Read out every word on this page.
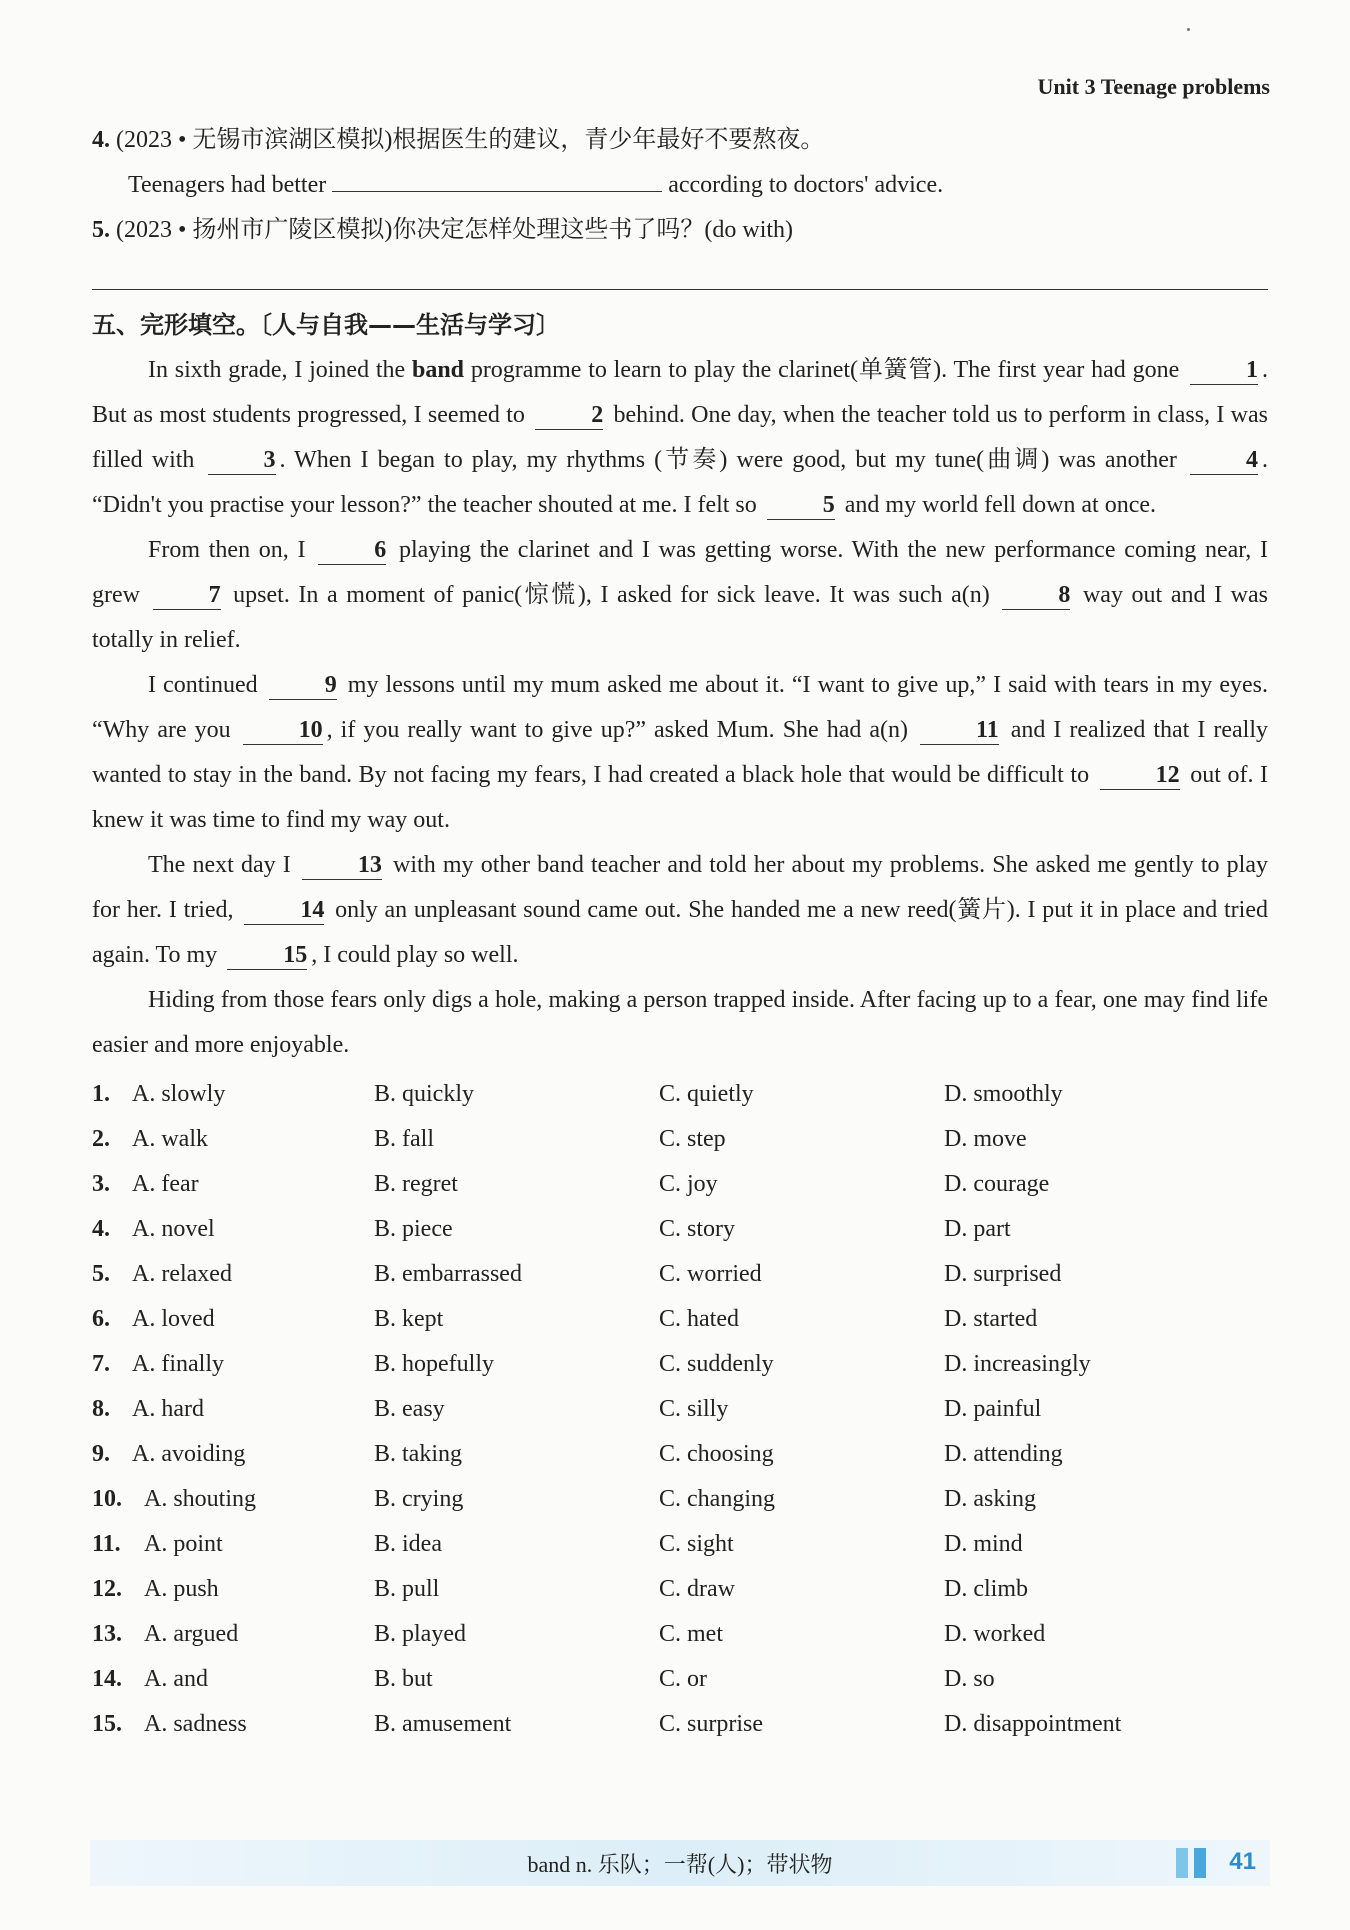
Unit 3 Teenage problems
4. (2023 • 无锡市滨湖区模拟)根据医生的建议，青少年最好不要熬夜。
Teenagers had better	according to doctors' advice.
5. (2023 • 扬州市广陵区模拟)你决定怎样处理这些书了吗？(do with)
五、完形填空。〔人与自我——生活与学习〕

In sixth grade, I joined the band programme to learn to play the clarinet(单簧管). The first year had gone	1 . But as most students progressed, I seemed to	2 behind. One day, when the teacher told us to perform in class, I was filled with	3 . When I began to play, my rhythms (节奏) were good, but my tune(曲调) was another	4 . “Didn't you practise your lesson?” the teacher shouted at me. I felt so	5 and my world fell down at once.

From then on, I	6 playing the clarinet and I was getting worse. With the new performance coming near, I grew	7 upset. In a moment of panic(惊慌), I asked for sick leave. It was such a(n)	8 way out and I was totally in relief.

I continued	9 my lessons until my mum asked me about it. “I want to give up,” I said with tears in my eyes. “Why are you	10 , if you really want to give up?” asked Mum. She had a(n)	11 and I realized that I really wanted to stay in the band. By not facing my fears, I had created a black hole that would be difficult to	12 out of. I knew it was time to find my way out.

The next day I	13 with my other band teacher and told her about my problems. She asked me gently to play for her. I tried,	14 only an unpleasant sound came out. She handed me a new reed(簧片). I put it in place and tried again. To my	15 , I could play so well.

Hiding from those fears only digs a hole, making a person trapped inside. After facing up to a fear, one may find life easier and more enjoyable.

1. A. slowly	B. quickly	C. quietly	D. smoothly
2. A. walk	B. fall	C. step	D. move
3. A. fear	B. regret	C. joy	D. courage
4. A. novel	B. piece	C. story	D. part
5. A. relaxed	B. embarrassed	C. worried	D. surprised
6. A. loved	B. kept	C. hated	D. started
7. A. finally	B. hopefully	C. suddenly	D. increasingly
8. A. hard	B. easy	C. silly	D. painful
9. A. avoiding	B. taking	C. choosing	D. attending
10. A. shouting	B. crying	C. changing	D. asking
11. A. point	B. idea	C. sight	D. mind
12. A. push	B. pull	C. draw	D. climb
13. A. argued	B. played	C. met	D. worked
14. A. and	B. but	C. or	D. so
15. A. sadness	B. amusement	C. surprise	D. disappointment
band n. 乐队；一帮(人)；带状物	41
